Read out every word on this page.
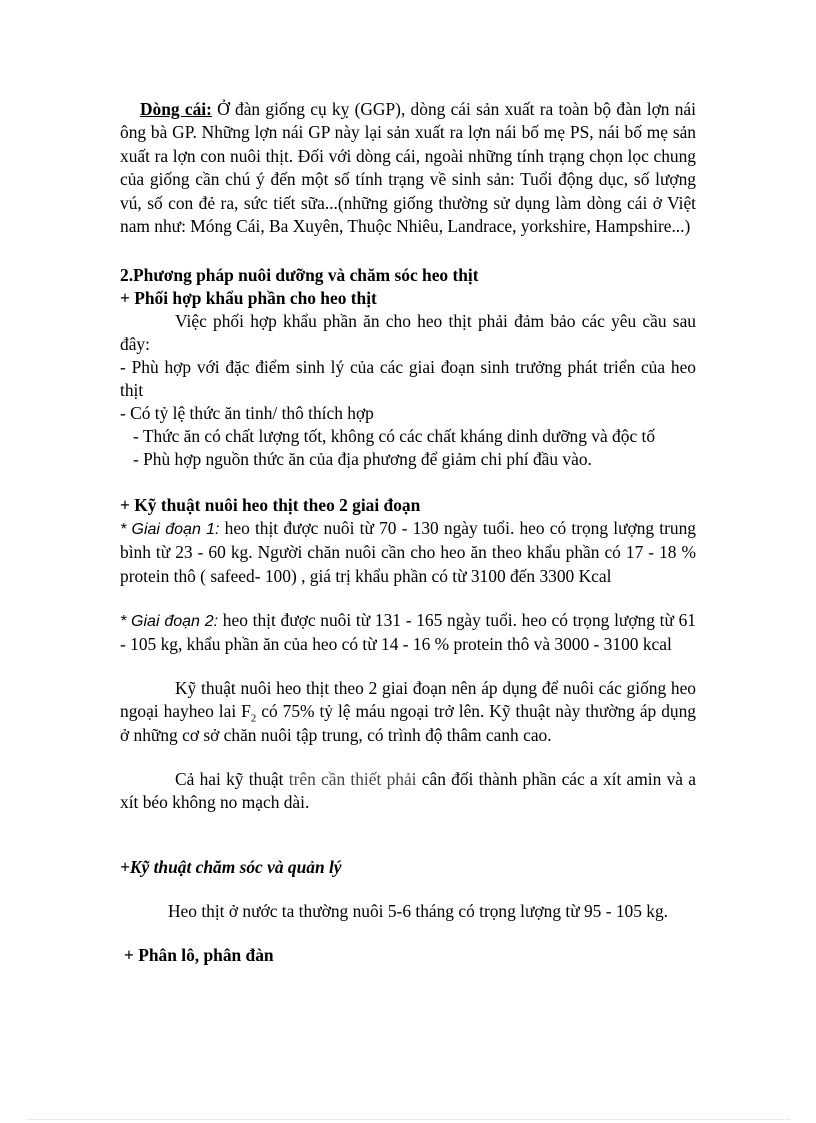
Dòng cái: Ở đàn giống cụ kỵ (GGP), dòng cái sản xuất ra toàn bộ đàn lợn nái ông bà GP. Những lợn nái GP này lại sản xuất ra lợn nái bố mẹ PS, nái bố mẹ sản xuất ra lợn con nuôi thịt. Đối với dòng cái, ngoài những tính trạng chọn lọc chung của giống cần chú ý đến một số tính trạng về sinh sản: Tuổi động dục, số lượng vú, số con đẻ ra, sức tiết sữa...(những giống thường sử dụng làm dòng cái ở Việt nam như: Móng Cái, Ba Xuyên, Thuộc Nhiêu, Landrace, yorkshire, Hampshire...)

2.Phương pháp nuôi dưỡng và chăm sóc heo thịt

+ Phối hợp khẩu phần cho heo thịt

Việc phối hợp khẩu phần ăn cho heo thịt phải đảm bảo các yêu cầu sau đây:

- Phù hợp với đặc điểm sinh lý của các giai đoạn sinh trưởng phát triển của heo thịt

- Có tỷ lệ thức ăn tinh/ thô thích hợp

- Thức ăn có chất lượng tốt, không có các chất kháng dinh dưỡng và độc tố

- Phù hợp nguồn thức ăn của địa phương để giảm chi phí đầu vào.

+ Kỹ thuật nuôi heo thịt theo 2 giai đoạn

* Giai đoạn 1: heo thịt được nuôi từ 70 - 130 ngày tuổi. heo có trọng lượng trung bình từ 23 - 60 kg. Người chăn nuôi cần cho heo ăn theo khẩu phần có 17 - 18 % protein thô ( safeed- 100) , giá trị khẩu phần có từ 3100 đến 3300 Kcal

* Giai đoạn 2: heo thịt được nuôi từ 131 - 165 ngày tuổi. heo có trọng lượng từ 61 - 105 kg, khẩu phần ăn của heo có từ 14 - 16 % protein thô và 3000 - 3100 kcal

Kỹ thuật nuôi heo thịt theo 2 giai đoạn nên áp dụng để nuôi các giống heo ngoại hayheo lai $F_2$ có 75% tỷ lệ máu ngoại trở lên. Kỹ thuật này thường áp dụng ở những cơ sở chăn nuôi tập trung, có trình độ thâm canh cao.

Cả hai kỹ thuật trên cần thiết phải cân đối thành phần các a xít amin và a xít béo không no mạch dài.

+Kỹ thuật chăm sóc và quản lý

Heo thịt ở nước ta thường nuôi 5-6 tháng có trọng lượng từ 95 - 105 kg.

+ Phân lô, phân đàn
